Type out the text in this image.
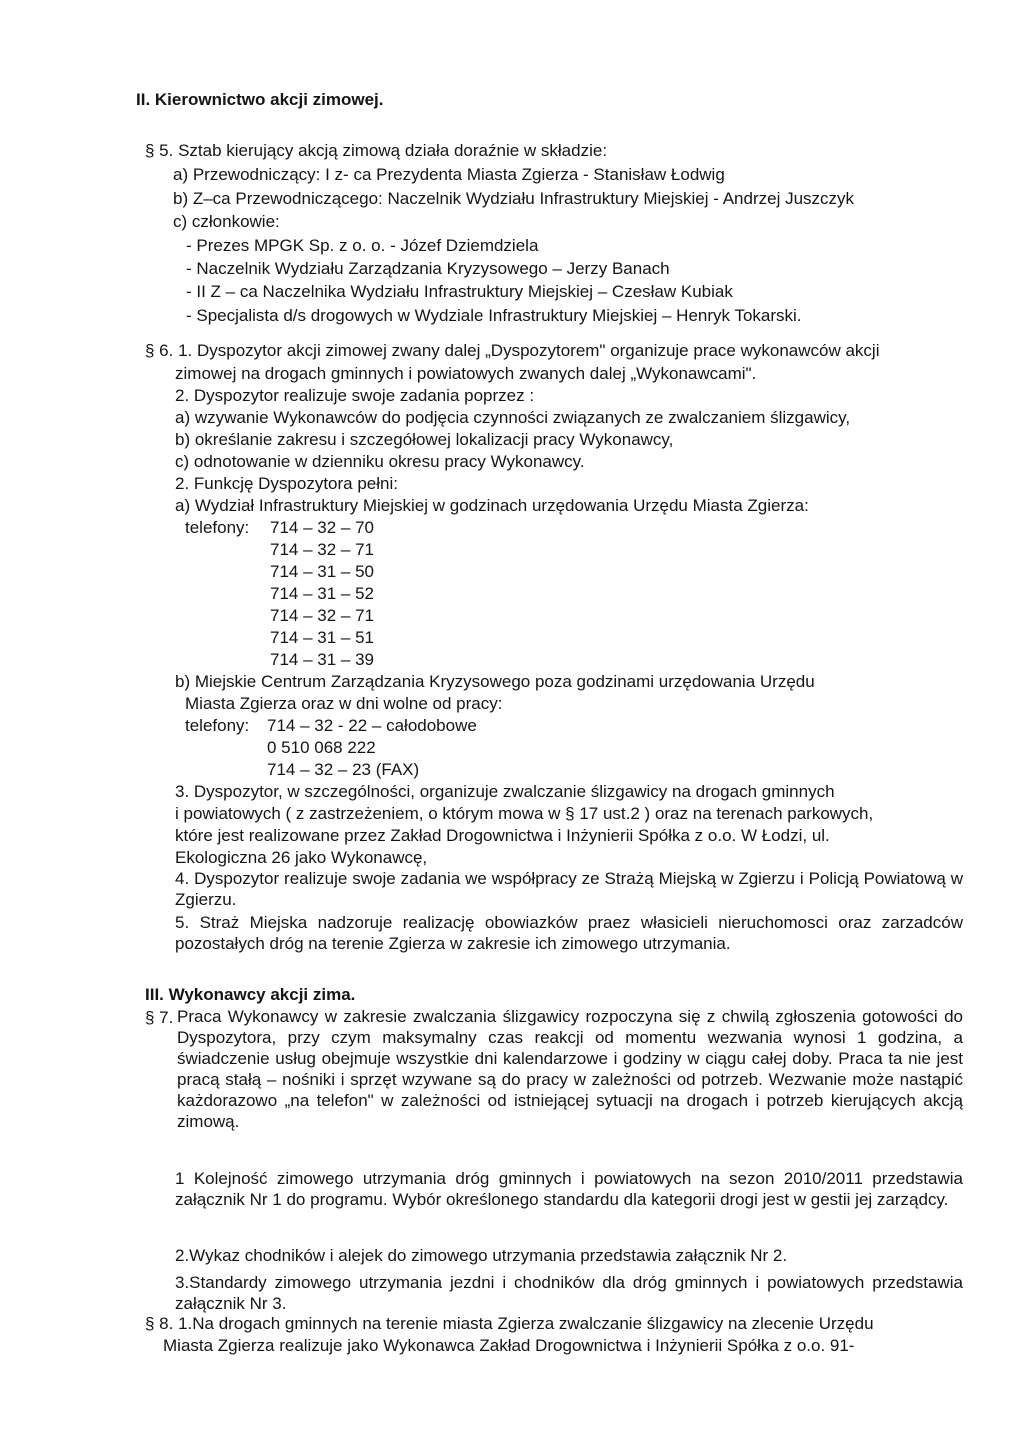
II. Kierownictwo akcji zimowej.
§ 5. Sztab kierujący akcją zimową działa doraźnie w składzie:
a) Przewodniczący: I z- ca Prezydenta Miasta Zgierza - Stanisław Łodwig
b) Z–ca Przewodniczącego: Naczelnik Wydziału Infrastruktury Miejskiej - Andrzej Juszczyk
c) członkowie:
- Prezes MPGK Sp. z o. o. - Józef Dziemdziela
- Naczelnik Wydziału Zarządzania Kryzysowego – Jerzy Banach
- II Z – ca Naczelnika Wydziału Infrastruktury Miejskiej – Czesław Kubiak
- Specjalista d/s drogowych w Wydziale Infrastruktury Miejskiej – Henryk Tokarski.
§ 6. 1. Dyspozytor akcji zimowej zwany dalej „Dyspozytorem" organizuje prace wykonawców akcji
zimowej na drogach gminnych i powiatowych zwanych dalej „Wykonawcami".
2. Dyspozytor realizuje swoje zadania poprzez :
a) wzywanie Wykonawców do podjęcia czynności związanych ze zwalczaniem ślizgawicy,
b) określanie zakresu i szczegółowej lokalizacji pracy Wykonawcy,
c) odnotowanie w dzienniku okresu pracy Wykonawcy.
2. Funkcję Dyspozytora pełni:
a) Wydział Infrastruktury Miejskiej w godzinach urzędowania Urzędu Miasta Zgierza:
telefony: 714 – 32 – 70
714 – 32 – 71
714 – 31 – 50
714 – 31 – 52
714 – 32 – 71
714 – 31 – 51
714 – 31 – 39
b) Miejskie Centrum Zarządzania Kryzysowego poza godzinami urzędowania Urzędu
Miasta Zgierza oraz w dni wolne od pracy:
telefony: 714 – 32 - 22 – całodobowe
0 510 068 222
714 – 32 – 23 (FAX)
3. Dyspozytor, w szczególności, organizuje zwalczanie ślizgawicy na drogach gminnych
i powiatowych ( z zastrzeżeniem, o którym mowa w § 17 ust.2 ) oraz na terenach parkowych,
które jest realizowane przez Zakład Drogownictwa i Inżynierii Spółka z o.o. W Łodzi, ul.
Ekologiczna 26 jako Wykonawcę,
4. Dyspozytor realizuje swoje zadania we współpracy ze Strażą Miejską w Zgierzu i Policją Powiatową w Zgierzu.
5. Straż Miejska nadzoruje realizację obowiazków praez własicieli nieruchomosci oraz zarzadców pozostałych dróg na terenie Zgierza w zakresie ich zimowego utrzymania.
III. Wykonawcy akcji zima.
§ 7. Praca Wykonawcy w zakresie zwalczania ślizgawicy rozpoczyna się z chwilą zgłoszenia gotowości do Dyspozytora, przy czym maksymalny czas reakcji od momentu wezwania wynosi 1 godzina, a świadczenie usług obejmuje wszystkie dni kalendarzowe i godziny w ciągu całej doby. Praca ta nie jest pracą stałą – nośniki i sprzęt wzywane są do pracy w zależności od potrzeb. Wezwanie może nastąpić każdorazowo „na telefon" w zależności od istniejącej sytuacji na drogach i potrzeb kierujących akcją zimową.
1 Kolejność zimowego utrzymania dróg gminnych i powiatowych na sezon 2010/2011 przedstawia załącznik Nr 1 do programu. Wybór określonego standardu dla kategorii drogi jest w gestii jej zarządcy.
2.Wykaz chodników i alejek do zimowego utrzymania przedstawia załącznik Nr 2.
3.Standardy zimowego utrzymania jezdni i chodników dla dróg gminnych i powiatowych przedstawia załącznik Nr 3.
§ 8. 1.Na drogach gminnych na terenie miasta Zgierza zwalczanie ślizgawicy na zlecenie Urzędu
Miasta Zgierza realizuje jako Wykonawca Zakład Drogownictwa i Inżynierii Spółka z o.o. 91-
